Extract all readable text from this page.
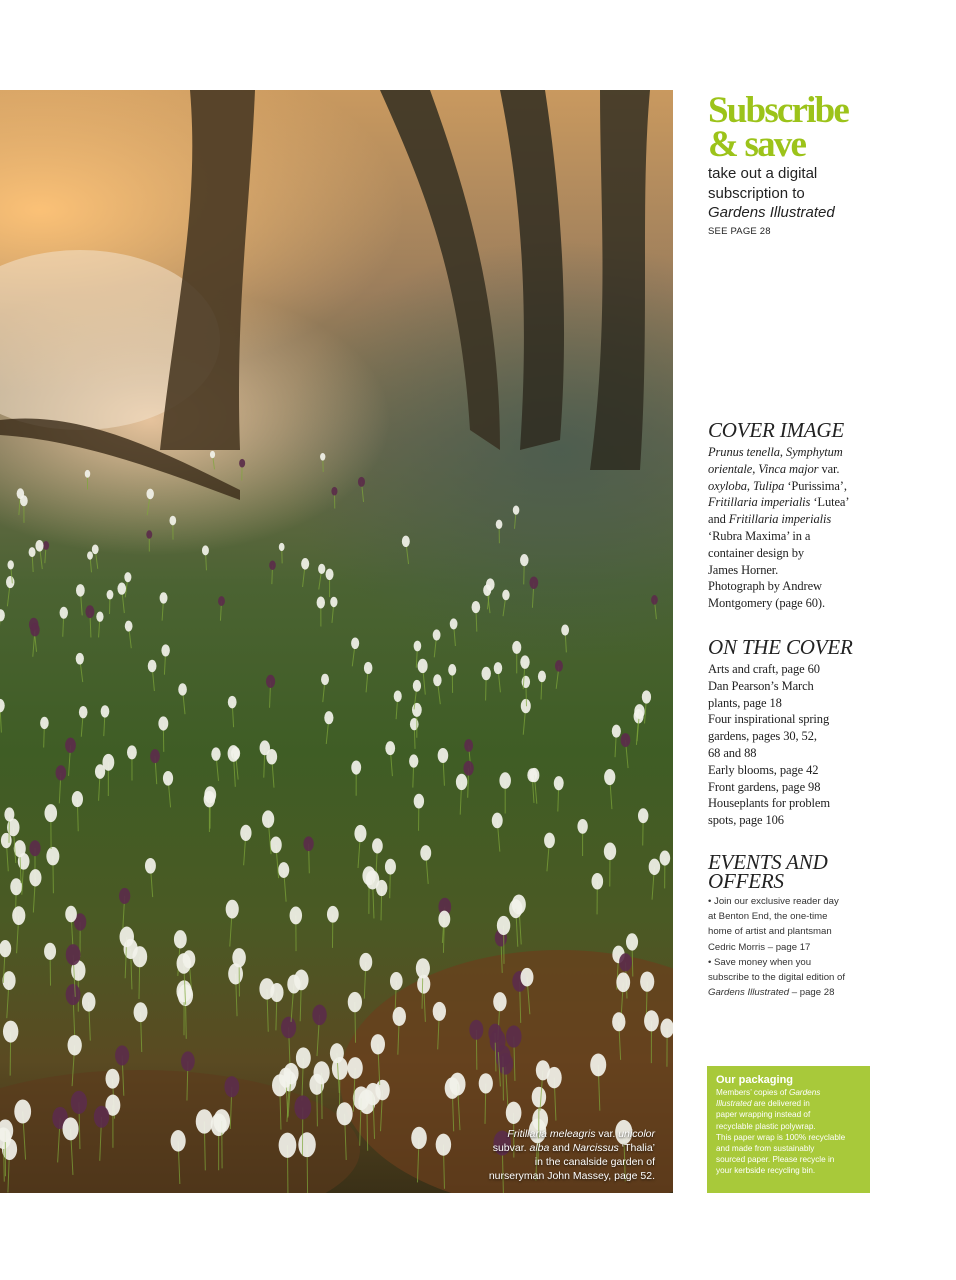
Fritillaria meleagris var. unicolor
subvar. alba and Narcissus ‘Thalia’
in the canalside garden of
nurseryman John Massey, page 52.
Subscribe
& save
take out a digital
subscription to
Gardens Illustrated
SEE PAGE 28
COVER IMAGE
Prunus tenella, Symphytum
orientale, Vinca major var.
oxyloba, Tulipa ‘Purissima’,
Fritillaria imperialis ‘Lutea’
and Fritillaria imperialis
‘Rubra Maxima’ in a
container design by
James Horner.
Photograph by Andrew
Montgomery (page 60).
ON THE COVER
Arts and craft, page 60
Dan Pearson’s March
plants, page 18
Four inspirational spring
gardens, pages 30, 52,
68 and 88
Early blooms, page 42
Front gardens, page 98
Houseplants for problem
spots, page 106
EVENTS AND
OFFERS
• Join our exclusive reader day
at Benton End, the one-time
home of artist and plantsman
Cedric Morris – page 17
• Save money when you
subscribe to the digital edition of
Gardens Illustrated – page 28
Our packaging
Members’ copies of Gardens
Illustrated are delivered in
paper wrapping instead of
recyclable plastic polywrap.
This paper wrap is 100% recyclable
and made from sustainably
sourced paper. Please recycle in
your kerbside recycling bin.
